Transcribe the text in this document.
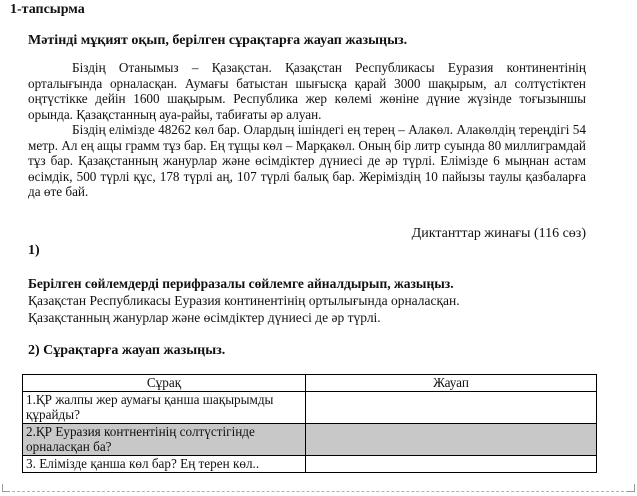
1-тапсырма

Мәтінді мұқият оқып, берілген сұрақтарға жауап жазыңыз.

Біздің Отанымыз – Қазақстан. Қазақстан Республикасы Еуразия континентінің орталығында орналасқан. Аумағы батыстан шығысқа қарай 3000 шақырым, ал солтүстіктен оңтүстікке дейін 1600 шақырым. Республика жер көлемі жөніне дүние жүзінде тоғызыншы орында. Қазақстанның ауа-райы, табиғаты әр алуан.

Біздің елімізде 48262 көл бар. Олардың ішіндегі ең терең – Алакөл. Алакөлдің тереңдігі 54 метр. Ал ең ащы грамм тұз бар. Ең тұщы көл – Марқакөл. Оның бір литр суында 80 миллиграмдай тұз бар. Қазақстанның жанурлар және өсімдіктер дүниесі де әр түрлі. Елімізде 6 мыңнан астам өсімдік, 500 түрлі құс, 178 түрлі аң, 107 түрлі балық бар. Жеріміздің 10 пайызы таулы қазбаларға да өте бай.

Диктанттар жинағы (116 сөз)

1)

Берілген сөйлемдерді перифразалы сөйлемге айналдырып, жазыңыз.
Қазақстан Республикасы Еуразия континентінің ортылығында орналасқан.
Қазақстанның жанурлар және өсімдіктер дүниесі де әр түрлі.

2) Сұрақтарға жауап жазыңыз.

Сұрақ	Жауап
1.ҚР жалпы жер аумағы қанша шақырымды құрайды?	
2.ҚР Еуразия контнентінің солтүстігінде орналасқан ба?	
3. Елімізде қанша көл бар? Ең терен көл..	
